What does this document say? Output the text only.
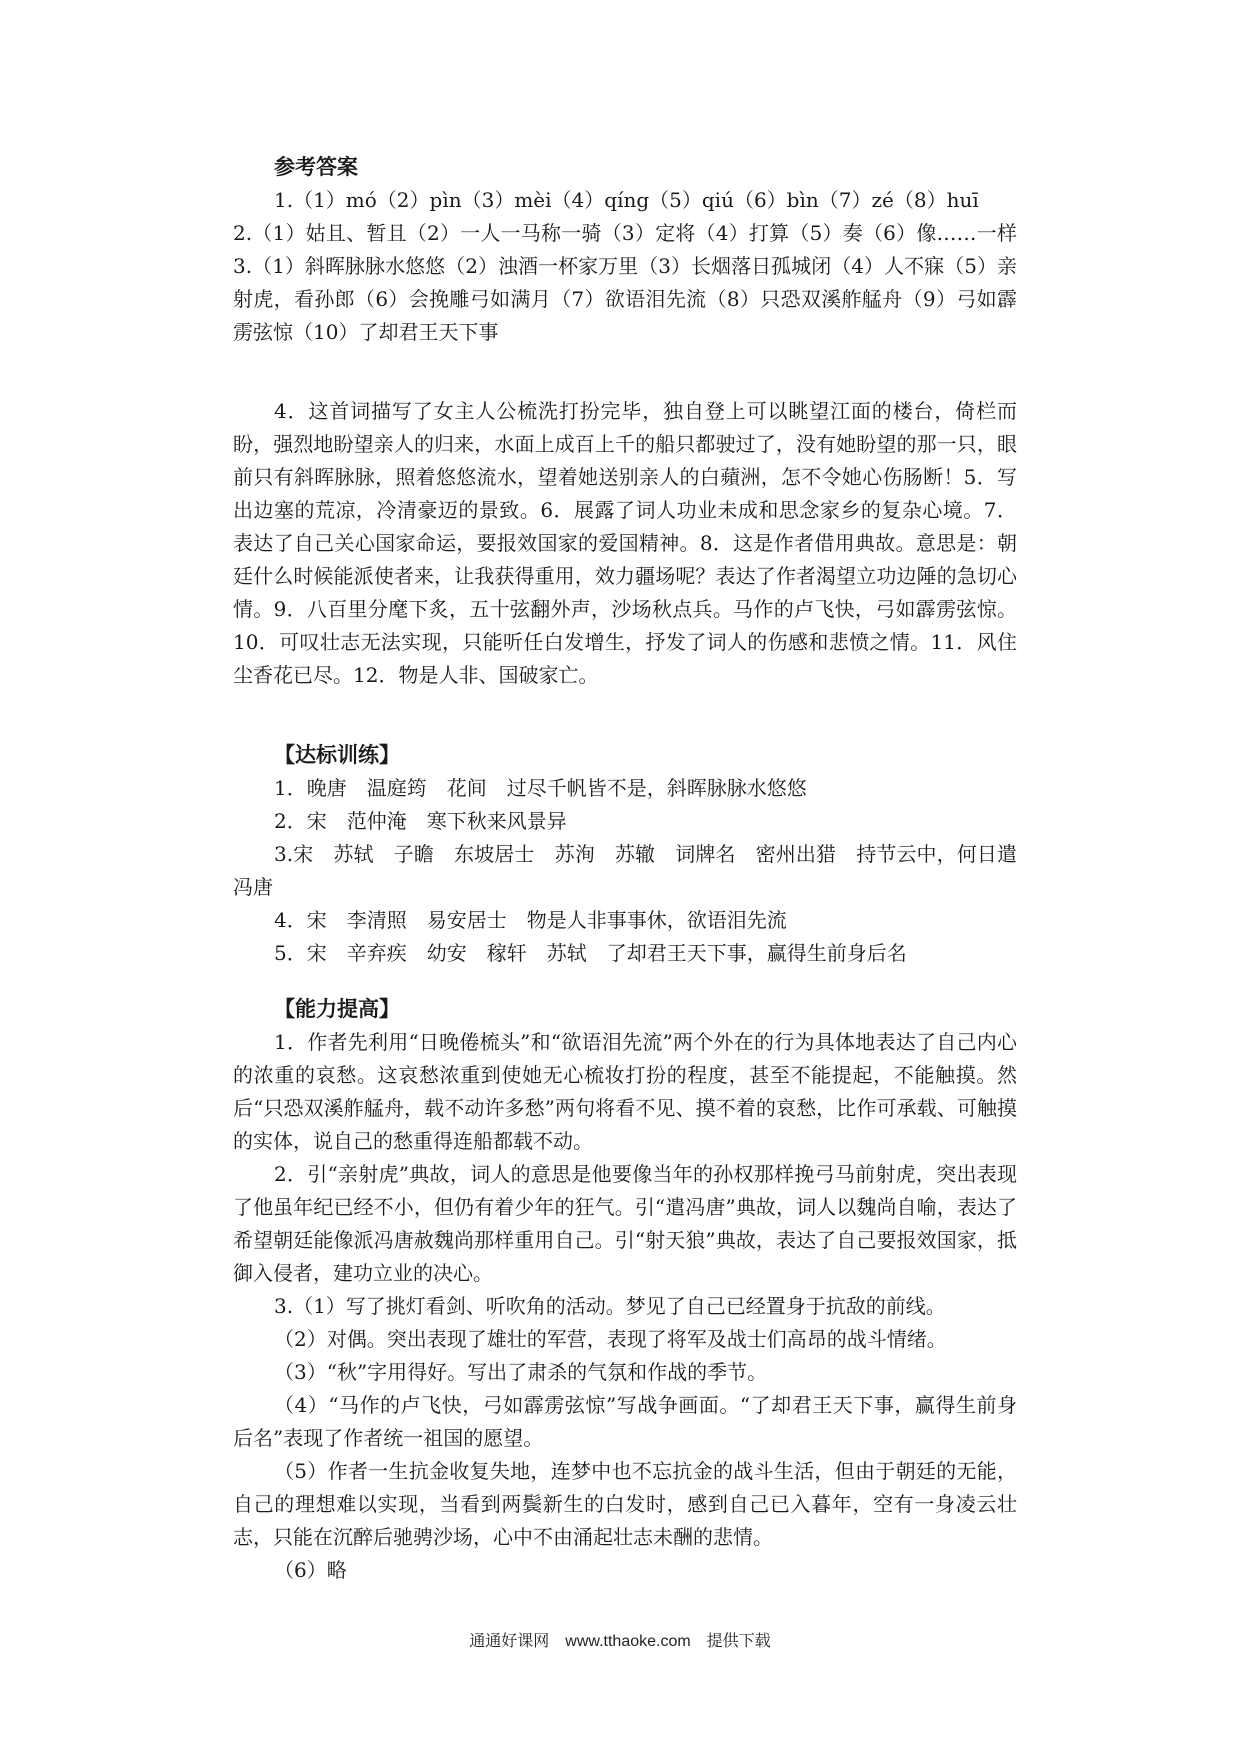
参考答案

1.（1）mó（2）pìn（3）mèi（4）qíng（5）qiú（6）bìn（7）zé（8）huī

2.（1）姑且、暂且（2）一人一马称一骑（3）定将（4）打算（5）奏（6）像……一样 3.（1）斜晖脉脉水悠悠（2）浊酒一杯家万里（3）长烟落日孤城闭（4）人不寐（5）亲射虎，看孙郎（6）会挽雕弓如满月（7）欲语泪先流（8）只恐双溪舴艋舟（9）弓如霹雳弦惊（10）了却君王天下事

4．这首词描写了女主人公梳洗打扮完毕，独自登上可以眺望江面的楼台，倚栏而盼，强烈地盼望亲人的归来，水面上成百上千的船只都驶过了，没有她盼望的那一只，眼前只有斜晖脉脉，照着悠悠流水，望着她送别亲人的白蘋洲，怎不令她心伤肠断！5．写出边塞的荒凉，冷清豪迈的景致。6．展露了词人功业未成和思念家乡的复杂心境。7．表达了自己关心国家命运，要报效国家的爱国精神。8．这是作者借用典故。意思是：朝廷什么时候能派使者来，让我获得重用，效力疆场呢？表达了作者渴望立功边陲的急切心情。9．八百里分麾下炙，五十弦翻外声，沙场秋点兵。马作的卢飞快，弓如霹雳弦惊。10．可叹壮志无法实现，只能听任白发增生，抒发了词人的伤感和悲愤之情。11．风住尘香花已尽。12．物是人非、国破家亡。

【达标训练】

1．晚唐　温庭筠　花间　过尽千帆皆不是，斜晖脉脉水悠悠

2．宋　范仲淹　寒下秋来风景异

3.宋　苏轼　子瞻　东坡居士　苏洵　苏辙　词牌名　密州出猎　持节云中，何日遣冯唐

4．宋　李清照　易安居士　物是人非事事休，欲语泪先流

5．宋　辛弃疾　幼安　稼轩　苏轼　了却君王天下事，赢得生前身后名

【能力提高】

1．作者先利用“日晚倦梳头”和“欲语泪先流”两个外在的行为具体地表达了自己内心的浓重的哀愁。这哀愁浓重到使她无心梳妆打扮的程度，甚至不能提起，不能触摸。然后“只恐双溪舴艋舟，载不动许多愁”两句将看不见、摸不着的哀愁，比作可承载、可触摸的实体，说自己的愁重得连船都载不动。

2．引“亲射虎”典故，词人的意思是他要像当年的孙权那样挽弓马前射虎，突出表现了他虽年纪已经不小，但仍有着少年的狂气。引“遣冯唐”典故，词人以魏尚自喻，表达了希望朝廷能像派冯唐赦魏尚那样重用自己。引“射天狼”典故，表达了自己要报效国家，抵御入侵者，建功立业的决心。

3.（1）写了挑灯看剑、听吹角的活动。梦见了自己已经置身于抗敌的前线。

（2）对偶。突出表现了雄壮的军营，表现了将军及战士们高昂的战斗情绪。

（3）“秋”字用得好。写出了肃杀的气氛和作战的季节。

（4）“马作的卢飞快，弓如霹雳弦惊”写战争画面。“了却君王天下事，赢得生前身后名”表现了作者统一祖国的愿望。

（5）作者一生抗金收复失地，连梦中也不忘抗金的战斗生活，但由于朝廷的无能，自己的理想难以实现，当看到两鬓新生的白发时，感到自己已入暮年，空有一身凌云壮志，只能在沉醉后驰骋沙场，心中不由涌起壮志未酬的悲情。

（6）略

通通好课网　www.tthaoke.com　提供下载
